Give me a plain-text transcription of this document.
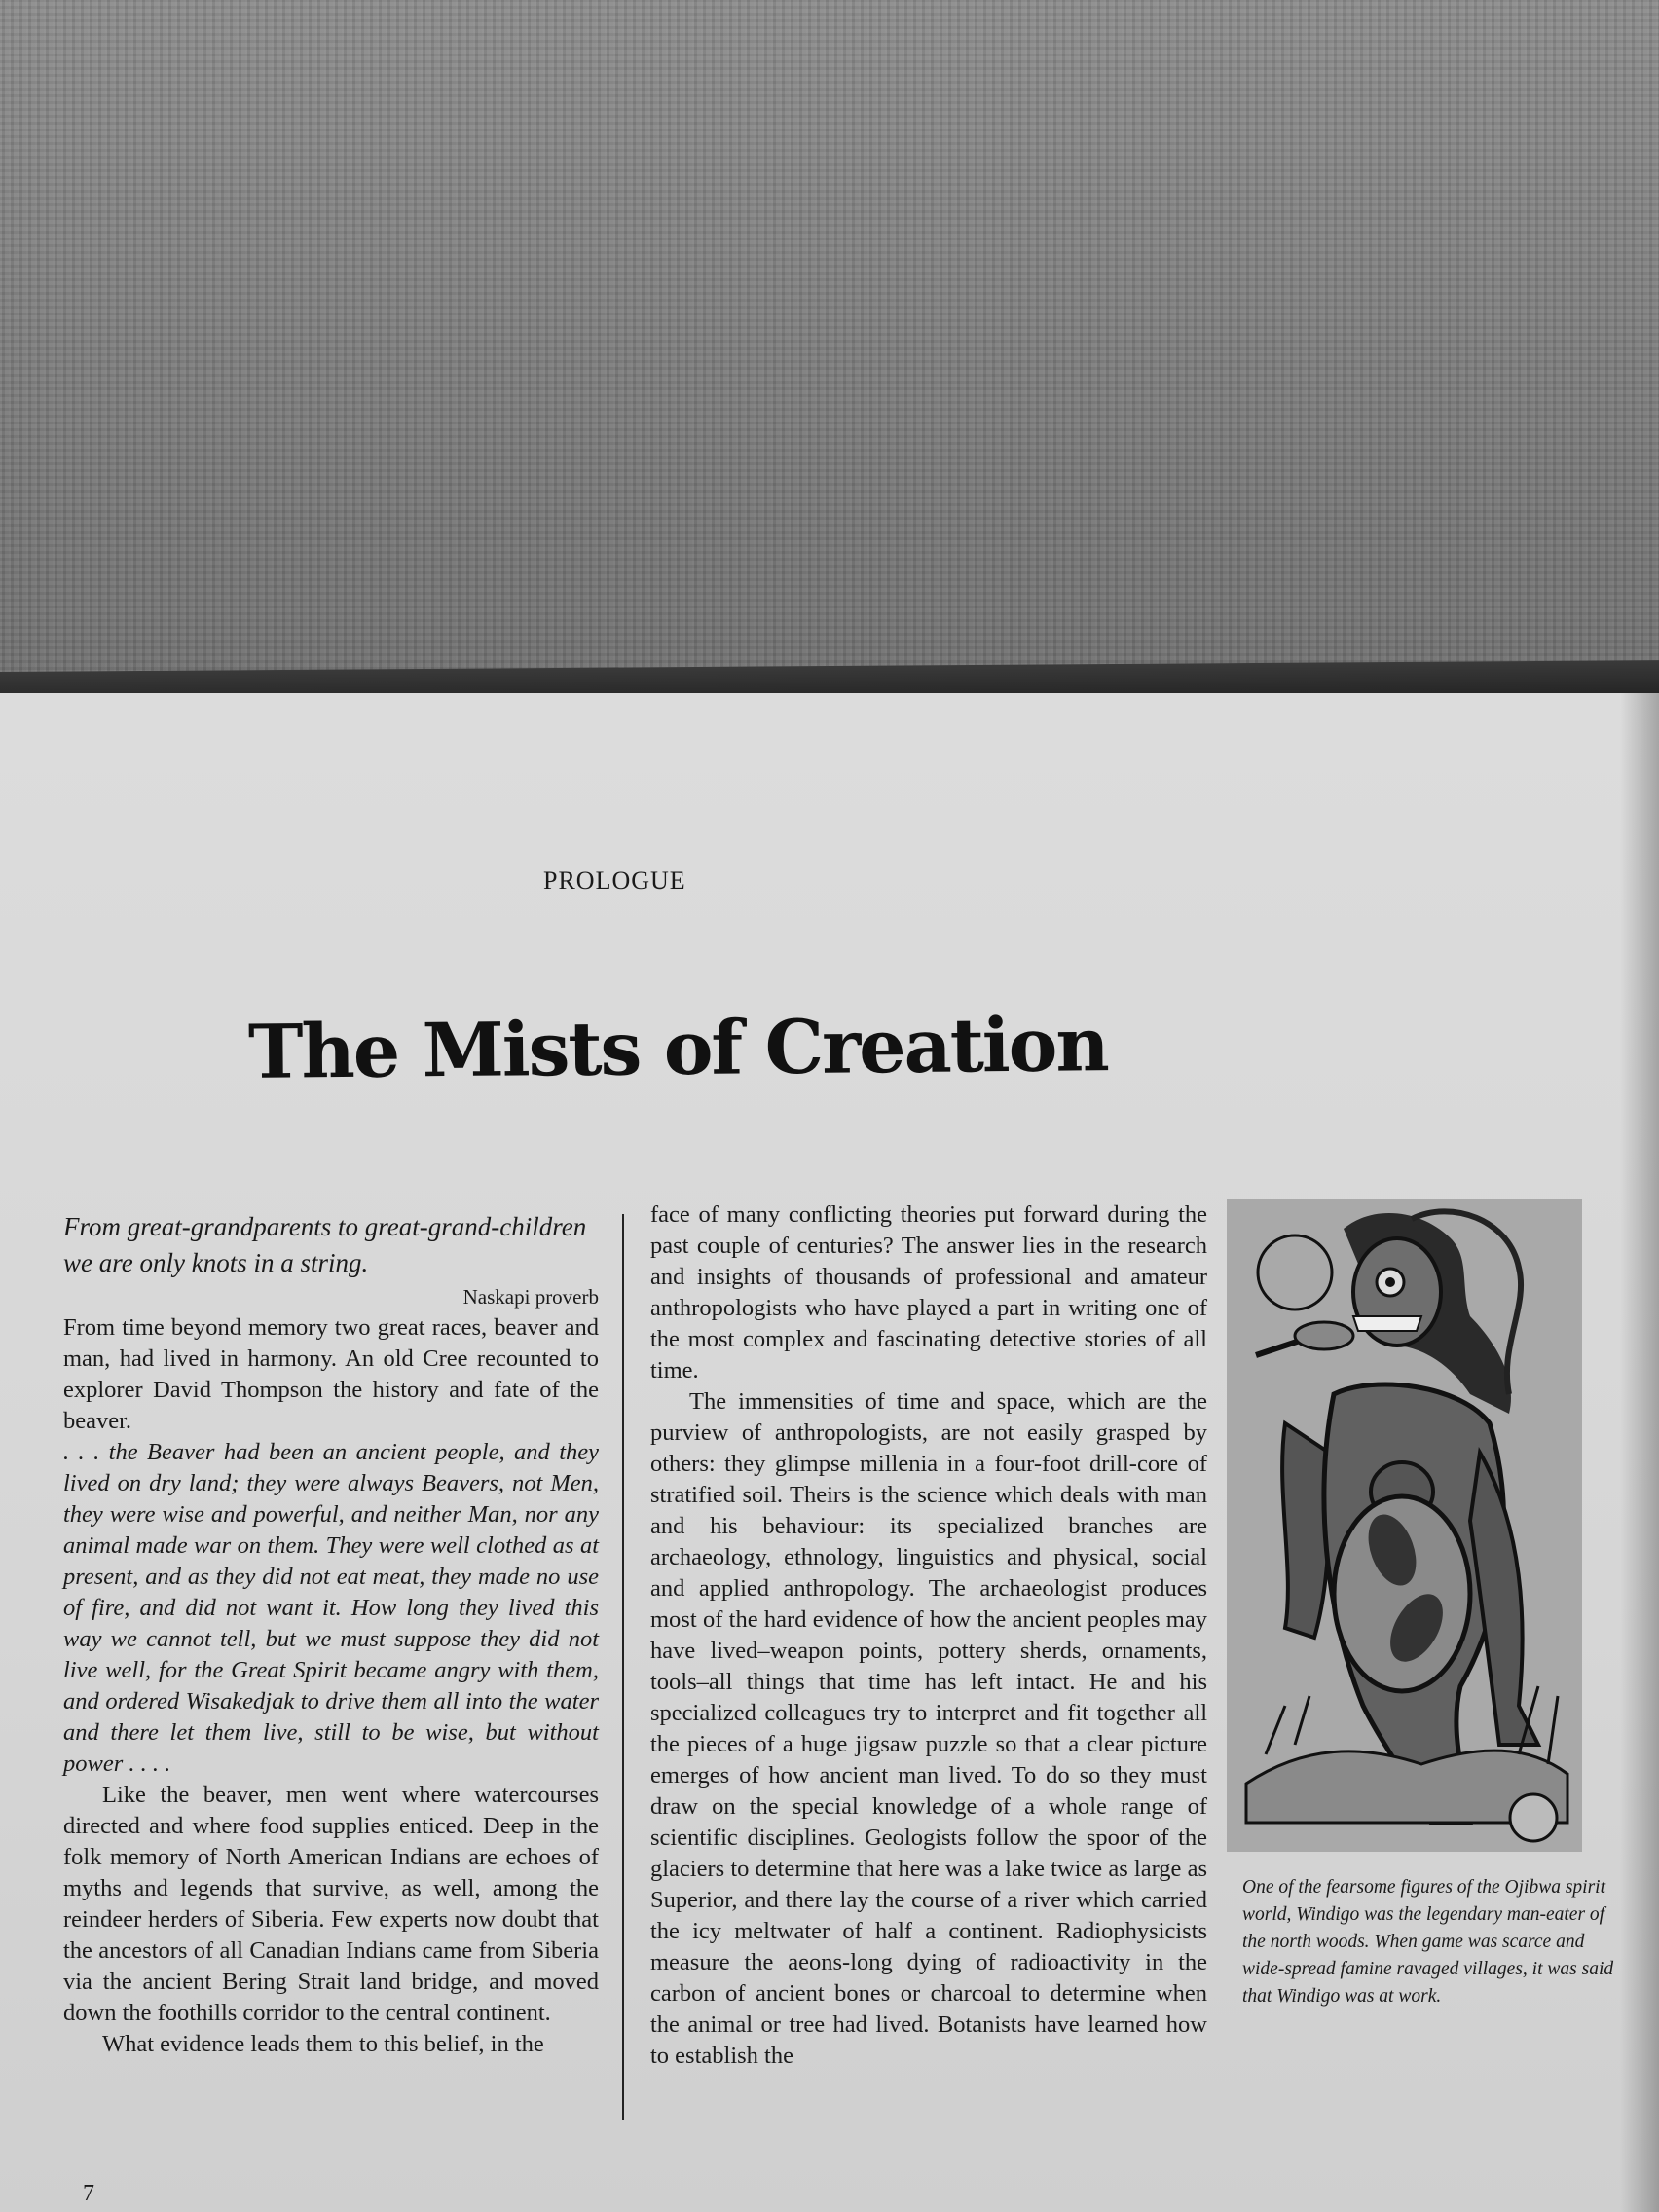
PROLOGUE
The Mists of Creation

From great-grandparents to great-grand-children we are only knots in a string.

Naskapi proverb

From time beyond memory two great races, beaver and man, had lived in harmony. An old Cree recounted to explorer David Thompson the history and fate of the beaver.

. . . the Beaver had been an ancient people, and they lived on dry land; they were always Beavers, not Men, they were wise and powerful, and neither Man, nor any animal made war on them. They were well clothed as at present, and as they did not eat meat, they made no use of fire, and did not want it. How long they lived this way we cannot tell, but we must suppose they did not live well, for the Great Spirit became angry with them, and ordered Wisakedjak to drive them all into the water and there let them live, still to be wise, but without power . . . .

Like the beaver, men went where watercourses directed and where food supplies enticed. Deep in the folk memory of North American Indians are echoes of myths and legends that survive, as well, among the reindeer herders of Siberia. Few experts now doubt that the ancestors of all Canadian Indians came from Siberia via the ancient Bering Strait land bridge, and moved down the foothills corridor to the central continent.

What evidence leads them to this belief, in the

face of many conflicting theories put forward during the past couple of centuries? The answer lies in the research and insights of thousands of professional and amateur anthropologists who have played a part in writing one of the most complex and fascinating detective stories of all time.

The immensities of time and space, which are the purview of anthropologists, are not easily grasped by others: they glimpse millenia in a four-foot drill-core of stratified soil. Theirs is the science which deals with man and his behaviour: its specialized branches are archaeology, ethnology, linguistics and physical, social and applied anthropology. The archaeologist produces most of the hard evidence of how the ancient peoples may have lived–weapon points, pottery sherds, ornaments, tools–all things that time has left intact. He and his specialized colleagues try to interpret and fit together all the pieces of a huge jigsaw puzzle so that a clear picture emerges of how ancient man lived. To do so they must draw on the special knowledge of a whole range of scientific disciplines. Geologists follow the spoor of the glaciers to determine that here was a lake twice as large as Superior, and there lay the course of a river which carried the icy meltwater of half a continent. Radiophysicists measure the aeons-long dying of radioactivity in the carbon of ancient bones or charcoal to determine when the animal or tree had lived. Botanists have learned how to establish the

One of the fearsome figures of the Ojibwa spirit world, Windigo was the legendary man-eater of the north woods. When game was scarce and wide-spread famine ravaged villages, it was said that Windigo was at work.
7
